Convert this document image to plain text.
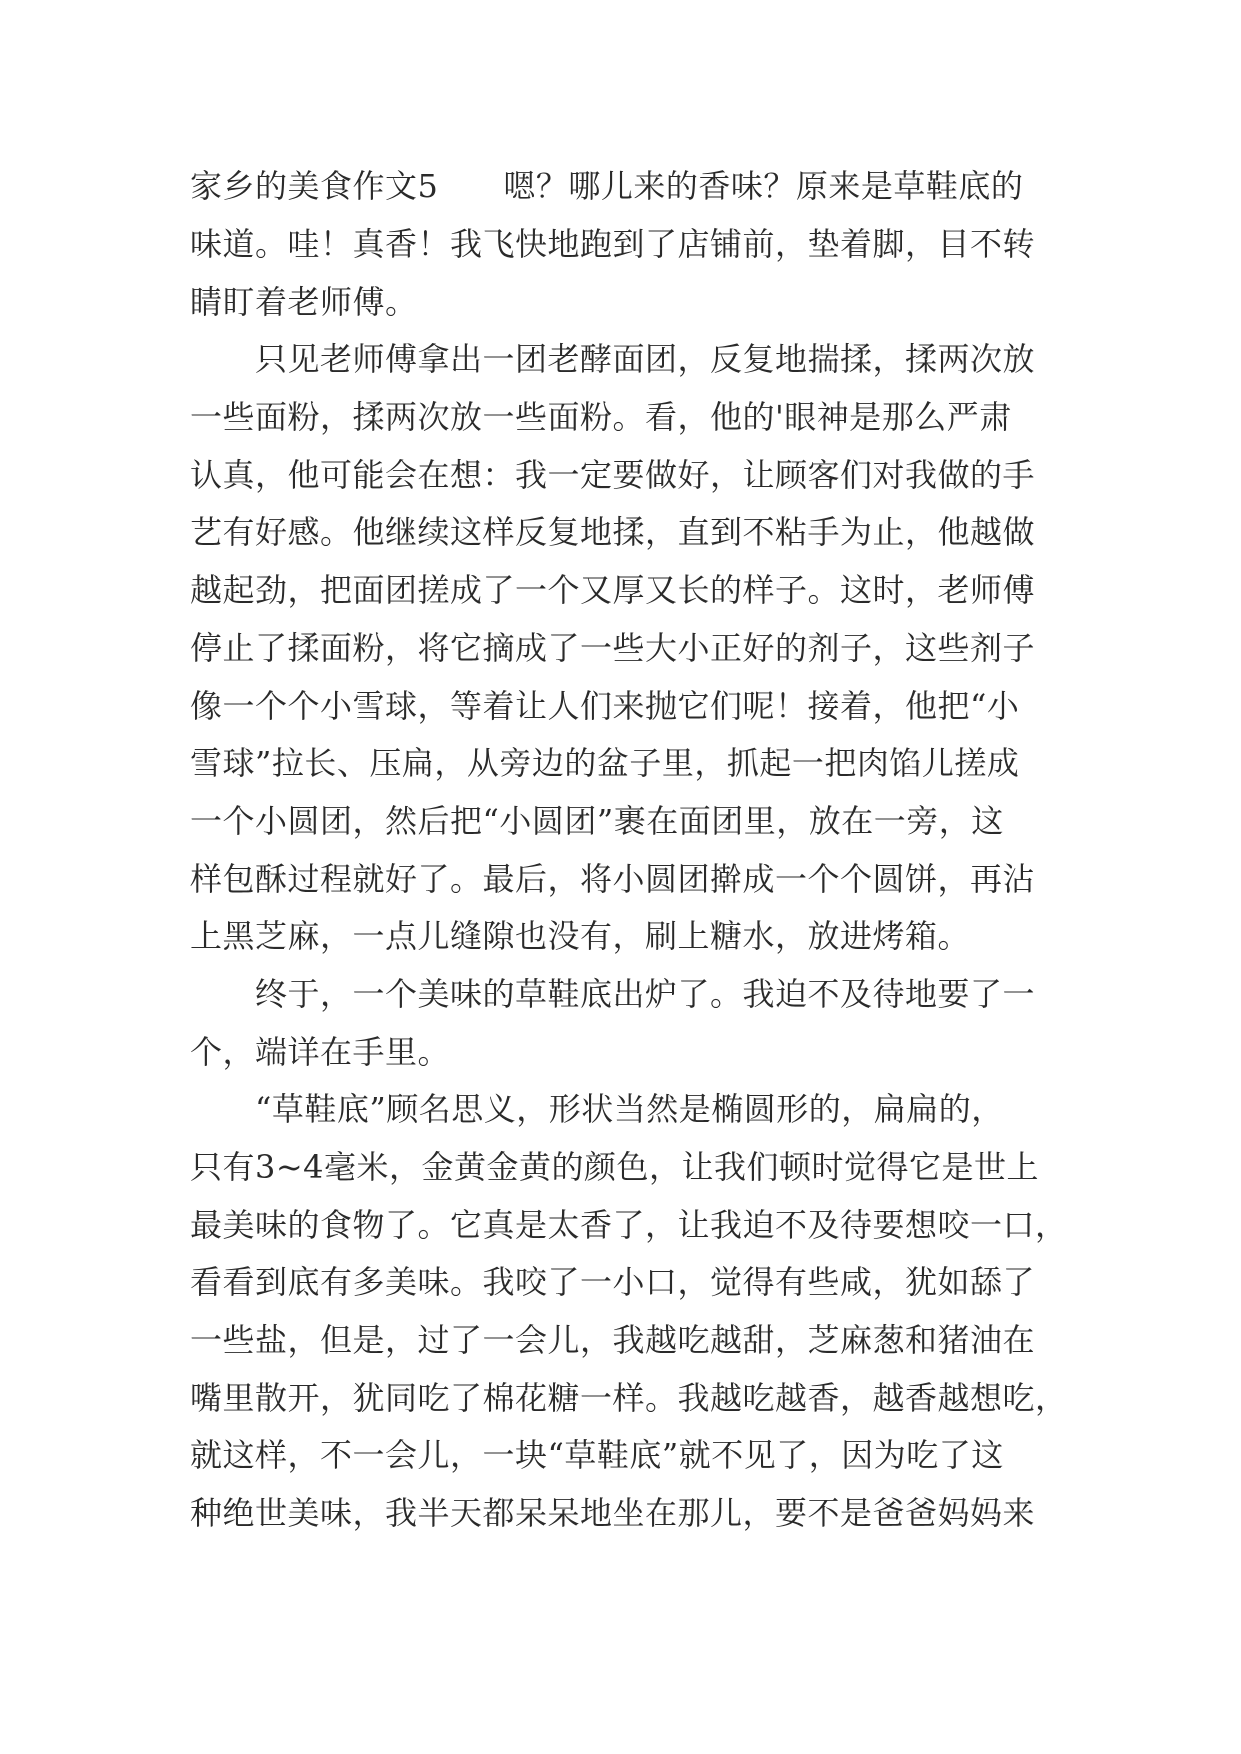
家乡的美食作文5　　嗯？哪儿来的香味？原来是草鞋底的
味道。哇！真香！我飞快地跑到了店铺前，垫着脚，目不转
睛盯着老师傅。
　　只见老师傅拿出一团老酵面团，反复地揣揉，揉两次放
一些面粉，揉两次放一些面粉。看，他的'眼神是那么严肃
认真，他可能会在想：我一定要做好，让顾客们对我做的手
艺有好感。他继续这样反复地揉，直到不粘手为止，他越做
越起劲，把面团搓成了一个又厚又长的样子。这时，老师傅
停止了揉面粉，将它摘成了一些大小正好的剂子，这些剂子
像一个个小雪球，等着让人们来抛它们呢！接着，他把“小
雪球”拉长、压扁，从旁边的盆子里，抓起一把肉馅儿搓成
一个小圆团，然后把“小圆团”裹在面团里，放在一旁，这
样包酥过程就好了。最后，将小圆团擀成一个个圆饼，再沾
上黑芝麻，一点儿缝隙也没有，刷上糖水，放进烤箱。
　　终于，一个美味的草鞋底出炉了。我迫不及待地要了一
个，端详在手里。
　　“草鞋底”顾名思义，形状当然是椭圆形的，扁扁的，
只有3~4毫米，金黄金黄的颜色，让我们顿时觉得它是世上
最美味的食物了。它真是太香了，让我迫不及待要想咬一口，
看看到底有多美味。我咬了一小口，觉得有些咸，犹如舔了
一些盐，但是，过了一会儿，我越吃越甜，芝麻葱和猪油在
嘴里散开，犹同吃了棉花糖一样。我越吃越香，越香越想吃，
就这样，不一会儿，一块“草鞋底”就不见了，因为吃了这
种绝世美味，我半天都呆呆地坐在那儿，要不是爸爸妈妈来
